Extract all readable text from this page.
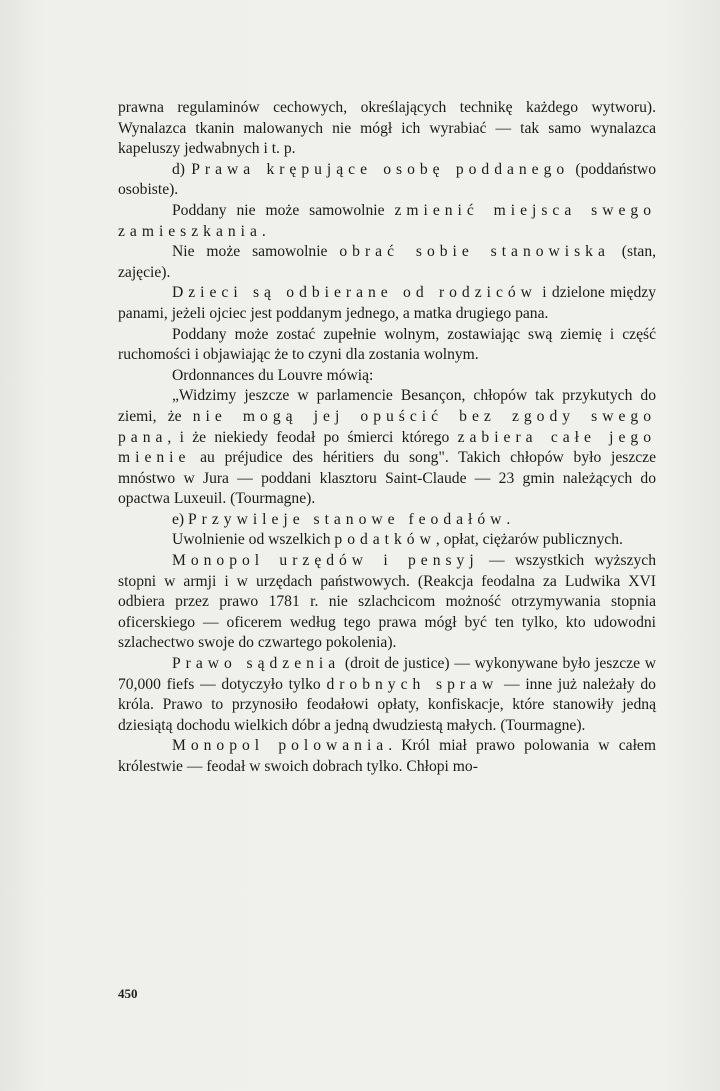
prawna regulaminów cechowych, określających technikę każdego wytworu). Wynalazca tkanin malowanych nie mógł ich wyrabiać — tak samo wynalazca kapeluszy jedwabnych i t. p.

d) Prawa krępujące osobę poddanego (poddaństwo osobiste).

Poddany nie może samowolnie zmienić miejsca swego zamieszkania.

Nie może samowolnie obrać sobie stanowiska (stan, zajęcie).

Dzieci są odbierane od rodziców i dzielone między panami, jeżeli ojciec jest poddanym jednego, a matka drugiego pana.

Poddany może zostać zupełnie wolnym, zostawiając swą ziemię i część ruchomości i objawiając że to czyni dla zostania wolnym.

Ordonnances du Louvre mówią:

„Widzimy jeszcze w parlamencie Besançon, chłopów tak przykutych do ziemi, że nie mogą jej opuścić bez zgody swego pana, i że niekiedy feodał po śmierci którego zabiera całe jego mienie au préjudice des héritiers du song". Takich chłopów było jeszcze mnóstwo w Jura — poddani klasztoru Saint-Claude — 23 gmin należących do opactwa Luxeuil. (Tourmagne).

e) Przywileje stanowe feodałów.

Uwolnienie od wszelkich podatków, opłat, ciężarów publicznych.

Monopol urzędów i pensyj — wszystkich wyższych stopni w armji i w urzędach państwowych. (Reakcja feodalna za Ludwika XVI odbiera przez prawo 1781 r. nie szlachcicom możność otrzymywania stopnia oficerskiego — oficerem według tego prawa mógł być ten tylko, kto udowodni szlachectwo swoje do czwartego pokolenia).

Prawo sądzenia (droit de justice) — wykonywane było jeszcze w 70,000 fiefs — dotyczyło tylko drobnych spraw — inne już należały do króla. Prawo to przynosiło feodałowi opłaty, konfiskacje, które stanowiły jedną dziesiątą dochodu wielkich dóbr a jedną dwudziestą małych. (Tourmagne).

Monopol polowania. Król miał prawo polowania w całem królestwie — feodał w swoich dobrach tylko. Chłopi mo-

450
